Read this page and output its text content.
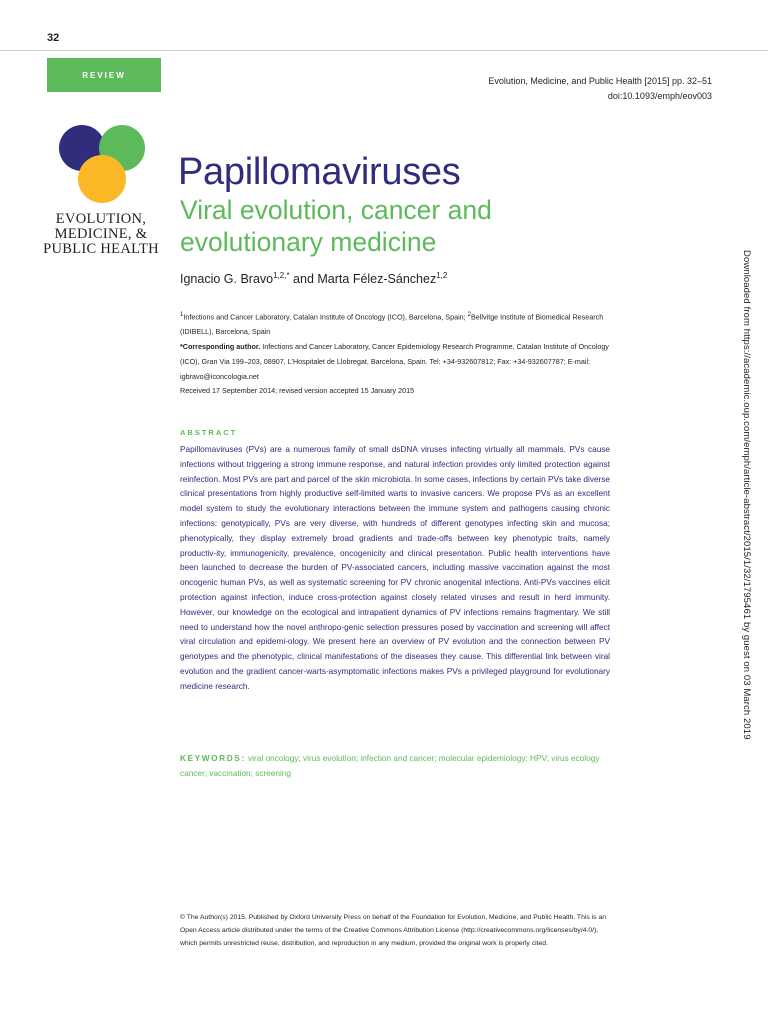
32
REVIEW
Evolution, Medicine, and Public Health [2015] pp. 32–51
doi:10.1093/emph/eov003
EVOLUTION,
MEDICINE, &
PUBLIC HEALTH
Papillomaviruses
Viral evolution, cancer and evolutionary medicine
Ignacio G. Bravo$^{1,2,*}$ and Marta Félez-Sánchez$^{1,2}$
$^1$Infections and Cancer Laboratory, Catalan Institute of Oncology (ICO), Barcelona, Spain; $^2$Bellvitge Institute of Biomedical Research (IDIBELL), Barcelona, Spain
*Corresponding author. Infections and Cancer Laboratory, Cancer Epidemiology Research Programme, Catalan Institute of Oncology (ICO), Gran Via 199–203, 08907, L’Hospitalet de Llobregat, Barcelona, Spain. Tel: +34-932607812; Fax: +34-932607787; E-mail: igbravo@iconcologia.net
Received 17 September 2014; revised version accepted 15 January 2015
ABSTRACT
Papillomaviruses (PVs) are a numerous family of small dsDNA viruses infecting virtually all mammals. PVs cause infections without triggering a strong immune response, and natural infection provides only limited protection against reinfection. Most PVs are part and parcel of the skin microbiota. In some cases, infections by certain PVs take diverse clinical presentations from highly productive self-limited warts to invasive cancers. We propose PVs as an excellent model system to study the evolutionary interactions between the immune system and pathogens causing chronic infections: genotypically, PVs are very diverse, with hundreds of different genotypes infecting skin and mucosa; phenotypically, they display extremely broad gradients and trade-offs between key phenotypic traits, namely productiv-ity, immunogenicity, prevalence, oncogenicity and clinical presentation. Public health interventions have been launched to decrease the burden of PV-associated cancers, including massive vaccination against the most oncogenic human PVs, as well as systematic screening for PV chronic anogenital infections. Anti-PVs vaccines elicit protection against infection, induce cross-protection against closely related viruses and result in herd immunity. However, our knowledge on the ecological and intrapatient dynamics of PV infections remains fragmentary. We still need to understand how the novel anthropo-genic selection pressures posed by vaccination and screening will affect viral circulation and epidemi-ology. We present here an overview of PV evolution and the connection between PV genotypes and the phenotypic, clinical manifestations of the diseases they cause. This differential link between viral evolution and the gradient cancer-warts-asymptomatic infections makes PVs a privileged playground for evolutionary medicine research.
KEYWORDS: viral oncology; virus evolution; infection and cancer; molecular epidemiology; HPV; virus ecology cancer; vaccination; screening
© The Author(s) 2015. Published by Oxford University Press on behalf of the Foundation for Evolution, Medicine, and Public Health. This is an Open Access article distributed under the terms of the Creative Commons Attribution License (http://creativecommons.org/licenses/by/4.0/), which permits unrestricted reuse, distribution, and reproduction in any medium, provided the original work is properly cited.
Downloaded from https://academic.oup.com/emph/article-abstract/2015/1/32/1795461 by guest on 03 March 2019
